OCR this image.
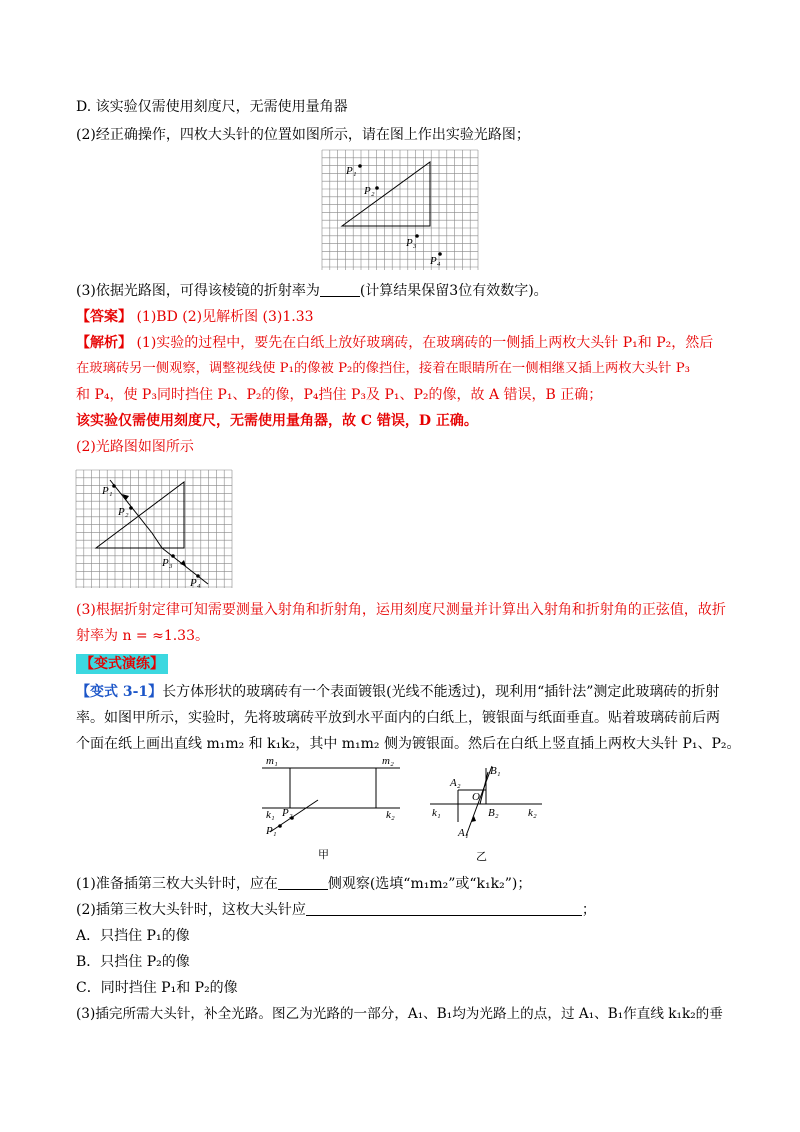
D. 该实验仅需使用刻度尺，无需使用量角器
(2)经正确操作，四枚大头针的位置如图所示，请在图上作出实验光路图；
P₁
P₂
P₃
P₄
(3)依据光路图，可得该棱镜的折射率为	(计算结果保留3位有效数字)。
【答案】 (1)BD (2)见解析图 (3)1.33
【解析】 (1)实验的过程中，要先在白纸上放好玻璃砖，在玻璃砖的一侧插上两枚大头针 P₁和 P₂，然后
在玻璃砖另一侧观察，调整视线使 P₁的像被 P₂的像挡住，接着在眼睛所在一侧相继又插上两枚大头针 P₃
和 P₄，使 P₃同时挡住 P₁、P₂的像，P₄挡住 P₃及 P₁、P₂的像，故 A 错误，B 正确；
该实验仅需使用刻度尺，无需使用量角器，故 C 错误，D 正确。
(2)光路图如图所示
P₁
P₂
P₃
P₄
(3)根据折射定律可知需要测量入射角和折射角，运用刻度尺测量并计算出入射角和折射角的正弦值，故折
射率为 n = ≈1.33。
【变式演练】
【变式 3-1】长方体形状的玻璃砖有一个表面镀银(光线不能透过)，现利用“插针法”测定此玻璃砖的折射
率。如图甲所示，实验时，先将玻璃砖平放到水平面内的白纸上，镀银面与纸面垂直。贴着玻璃砖前后两
个面在纸上画出直线 m₁m₂ 和 k₁k₂，其中 m₁m₂ 侧为镀银面。然后在白纸上竖直插上两枚大头针 P₁、P₂。
m₁	m₂
k₁	k₂
P₁
P₂
甲
B₁
A₂
O
B₂
k₁	k₂
A₁
乙
(1)准备插第三枚大头针时，应在	侧观察(选填“m₁m₂”或“k₁k₂”)；
(2)插第三枚大头针时，这枚大头针应	；
A．只挡住 P₁的像
B．只挡住 P₂的像
C．同时挡住 P₁和 P₂的像
(3)插完所需大头针，补全光路。图乙为光路的一部分，A₁、B₁均为光路上的点，过 A₁、B₁作直线 k₁k₂的垂
